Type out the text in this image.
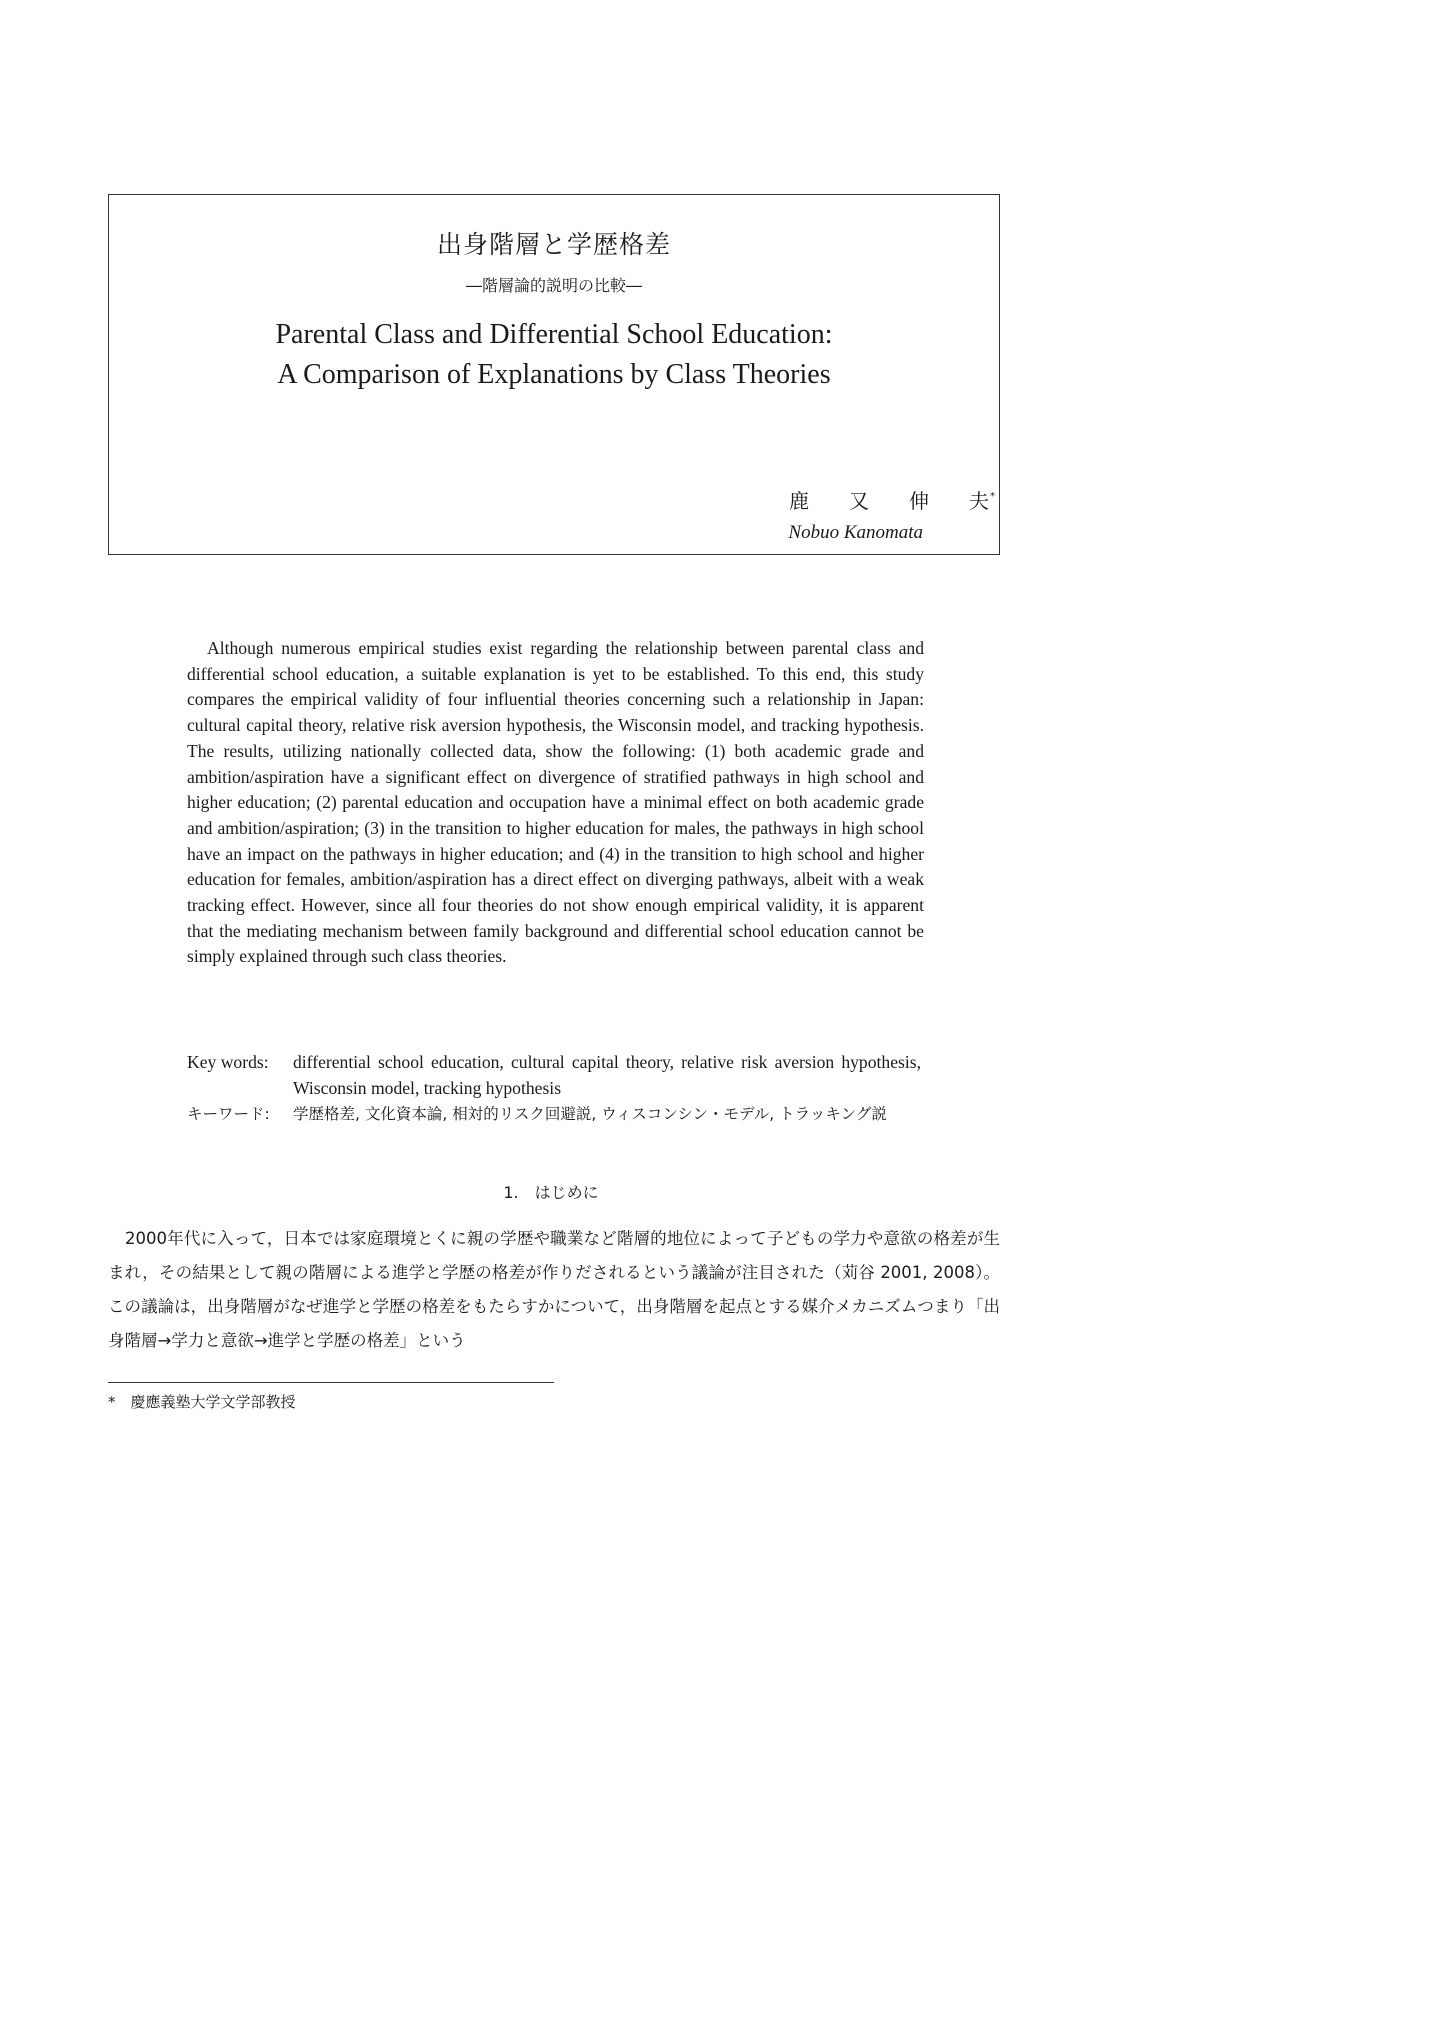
出身階層と学歴格差
―階層論的説明の比較―
Parental Class and Differential School Education:
A Comparison of Explanations by Class Theories
鹿　　又　　伸　　夫*
Nobuo Kanomata

Although numerous empirical studies exist regarding the relationship between parental class and differential school education, a suitable explanation is yet to be established. To this end, this study compares the empirical validity of four influential theories concerning such a relationship in Japan: cultural capital theory, relative risk aversion hypothesis, the Wisconsin model, and tracking hypothesis. The results, utilizing nationally collected data, show the following: (1) both academic grade and ambition/aspiration have a significant effect on divergence of stratified pathways in high school and higher education; (2) parental education and occupation have a minimal effect on both academic grade and ambition/aspiration; (3) in the transition to higher education for males, the pathways in high school have an impact on the pathways in higher education; and (4) in the transition to high school and higher education for females, ambition/aspiration has a direct effect on diverging pathways, albeit with a weak tracking effect. However, since all four theories do not show enough empirical validity, it is apparent that the mediating mechanism between family background and differential school education cannot be simply explained through such class theories.

Key words: differential school education, cultural capital theory, relative risk aversion hypothesis, Wisconsin model, tracking hypothesis

キーワード: 学歴格差, 文化資本論, 相対的リスク回避説, ウィスコンシン・モデル, トラッキング説

1.　はじめに

2000年代に入って，日本では家庭環境とくに親の学歴や職業など階層的地位によって子どもの学力や意欲の格差が生まれ，その結果として親の階層による進学と学歴の格差が作りだされるという議論が注目された（苅谷 2001, 2008）。この議論は，出身階層がなぜ進学と学歴の格差をもたらすかについて，出身階層を起点とする媒介メカニズムつまり「出身階層→学力と意欲→進学と学歴の格差」という

*　慶應義塾大学文学部教授
